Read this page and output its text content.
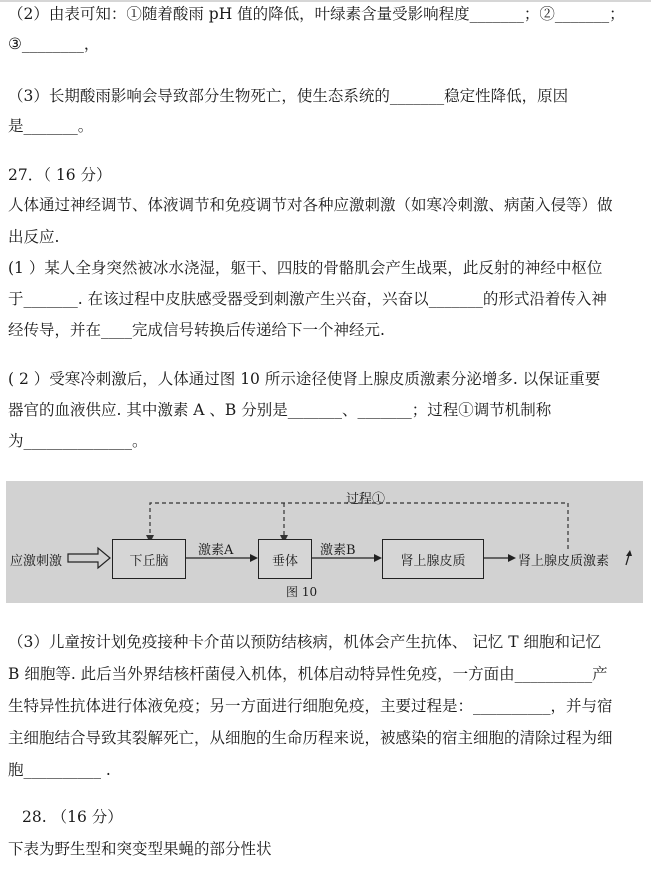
（2）由表可知：①随着酸雨 pH 值的降低，叶绿素含量受影响程度_______；②_______；
③________，
（3）长期酸雨影响会导致部分生物死亡，使生态系统的_______稳定性降低，原因
是_______。
27．（ 16 分）
人体通过神经调节、体液调节和免疫调节对各种应激刺激（如寒冷刺激、病菌入侵等）做
出反应.
(1 ）某人全身突然被冰水浇湿，躯干、四肢的骨骼肌会产生战栗，此反射的神经中枢位
于_______. 在该过程中皮肤感受器受到刺激产生兴奋，兴奋以_______的形式沿着传入神
经传导，并在____完成信号转换后传递给下一个神经元.
( 2 ）受寒冷刺激后，人体通过图 10 所示途径使肾上腺皮质激素分泌增多. 以保证重要
器官的血液供应. 其中激素 A 、B 分别是_______、_______；过程①调节机制称
为______________。
过程①
应激刺激	下丘脑
激素A
垂体
激素B
肾上腺皮质	肾上腺皮质激素
图 10
（3）儿童按计划免疫接种卡介苗以预防结核病，机体会产生抗体、 记忆 T 细胞和记忆
B 细胞等. 此后当外界结核杆菌侵入机体，机体启动特异性免疫，一方面由__________产
生特异性抗体进行体液免疫；另一方面进行细胞免疫，主要过程是：__________，并与宿
主细胞结合导致其裂解死亡，从细胞的生命历程来说，被感染的宿主细胞的清除过程为细
胞__________ .
28. （16 分）
下表为野生型和突变型果蝇的部分性状
